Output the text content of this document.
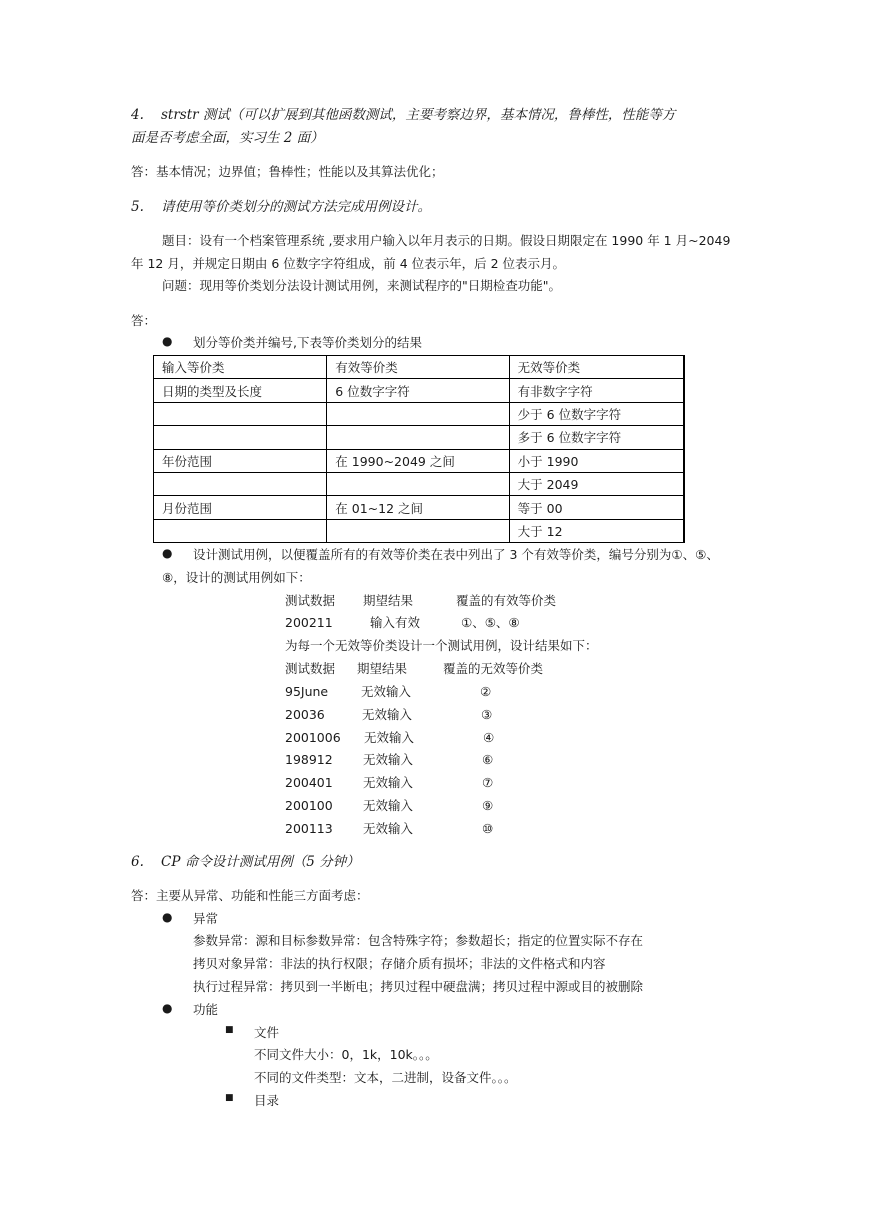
4. strstr 测试（可以扩展到其他函数测试，主要考察边界，基本情况，鲁棒性，性能等方
面是否考虑全面，实习生 2 面）
答：基本情况；边界值；鲁棒性；性能以及其算法优化；
5. 请使用等价类划分的测试方法完成用例设计。
题目：设有一个档案管理系统 ,要求用户输入以年月表示的日期。假设日期限定在 1990 年 1 月~2049
年 12 月，并规定日期由 6 位数字字符组成，前 4 位表示年，后 2 位表示月。
问题：现用等价类划分法设计测试用例，来测试程序的"日期检查功能"。
答：
● 划分等价类并编号,下表等价类划分的结果
输入等价类	有效等价类	无效等价类
日期的类型及长度	6 位数字字符	有非数字字符
		少于 6 位数字字符
		多于 6 位数字字符
年份范围	在 1990~2049 之间	小于 1990
		大于 2049
月份范围	在 01~12 之间	等于 00
		大于 12
● 设计测试用例，以便覆盖所有的有效等价类在表中列出了 3 个有效等价类，编号分别为①、⑤、
⑧，设计的测试用例如下：
测试数据 期望结果	覆盖的有效等价类
200211	输入有效	①、⑤、⑧
为每一个无效等价类设计一个测试用例，设计结果如下：
测试数据 期望结果	覆盖的无效等价类
95June	无效输入	②
20036	无效输入	③
2001006 无效输入	④
198912 无效输入	⑥
200401 无效输入	⑦
200100 无效输入	⑨
200113 无效输入	⑩
6. CP 命令设计测试用例（5 分钟）
答：主要从异常、功能和性能三方面考虑：
● 异常
参数异常：源和目标参数异常：包含特殊字符；参数超长；指定的位置实际不存在
拷贝对象异常：非法的执行权限；存储介质有损坏；非法的文件格式和内容
执行过程异常：拷贝到一半断电；拷贝过程中硬盘满；拷贝过程中源或目的被删除
● 功能
■ 文件
不同文件大小：0，1k，10k。。。
不同的文件类型：文本，二进制，设备文件。。。
■ 目录
